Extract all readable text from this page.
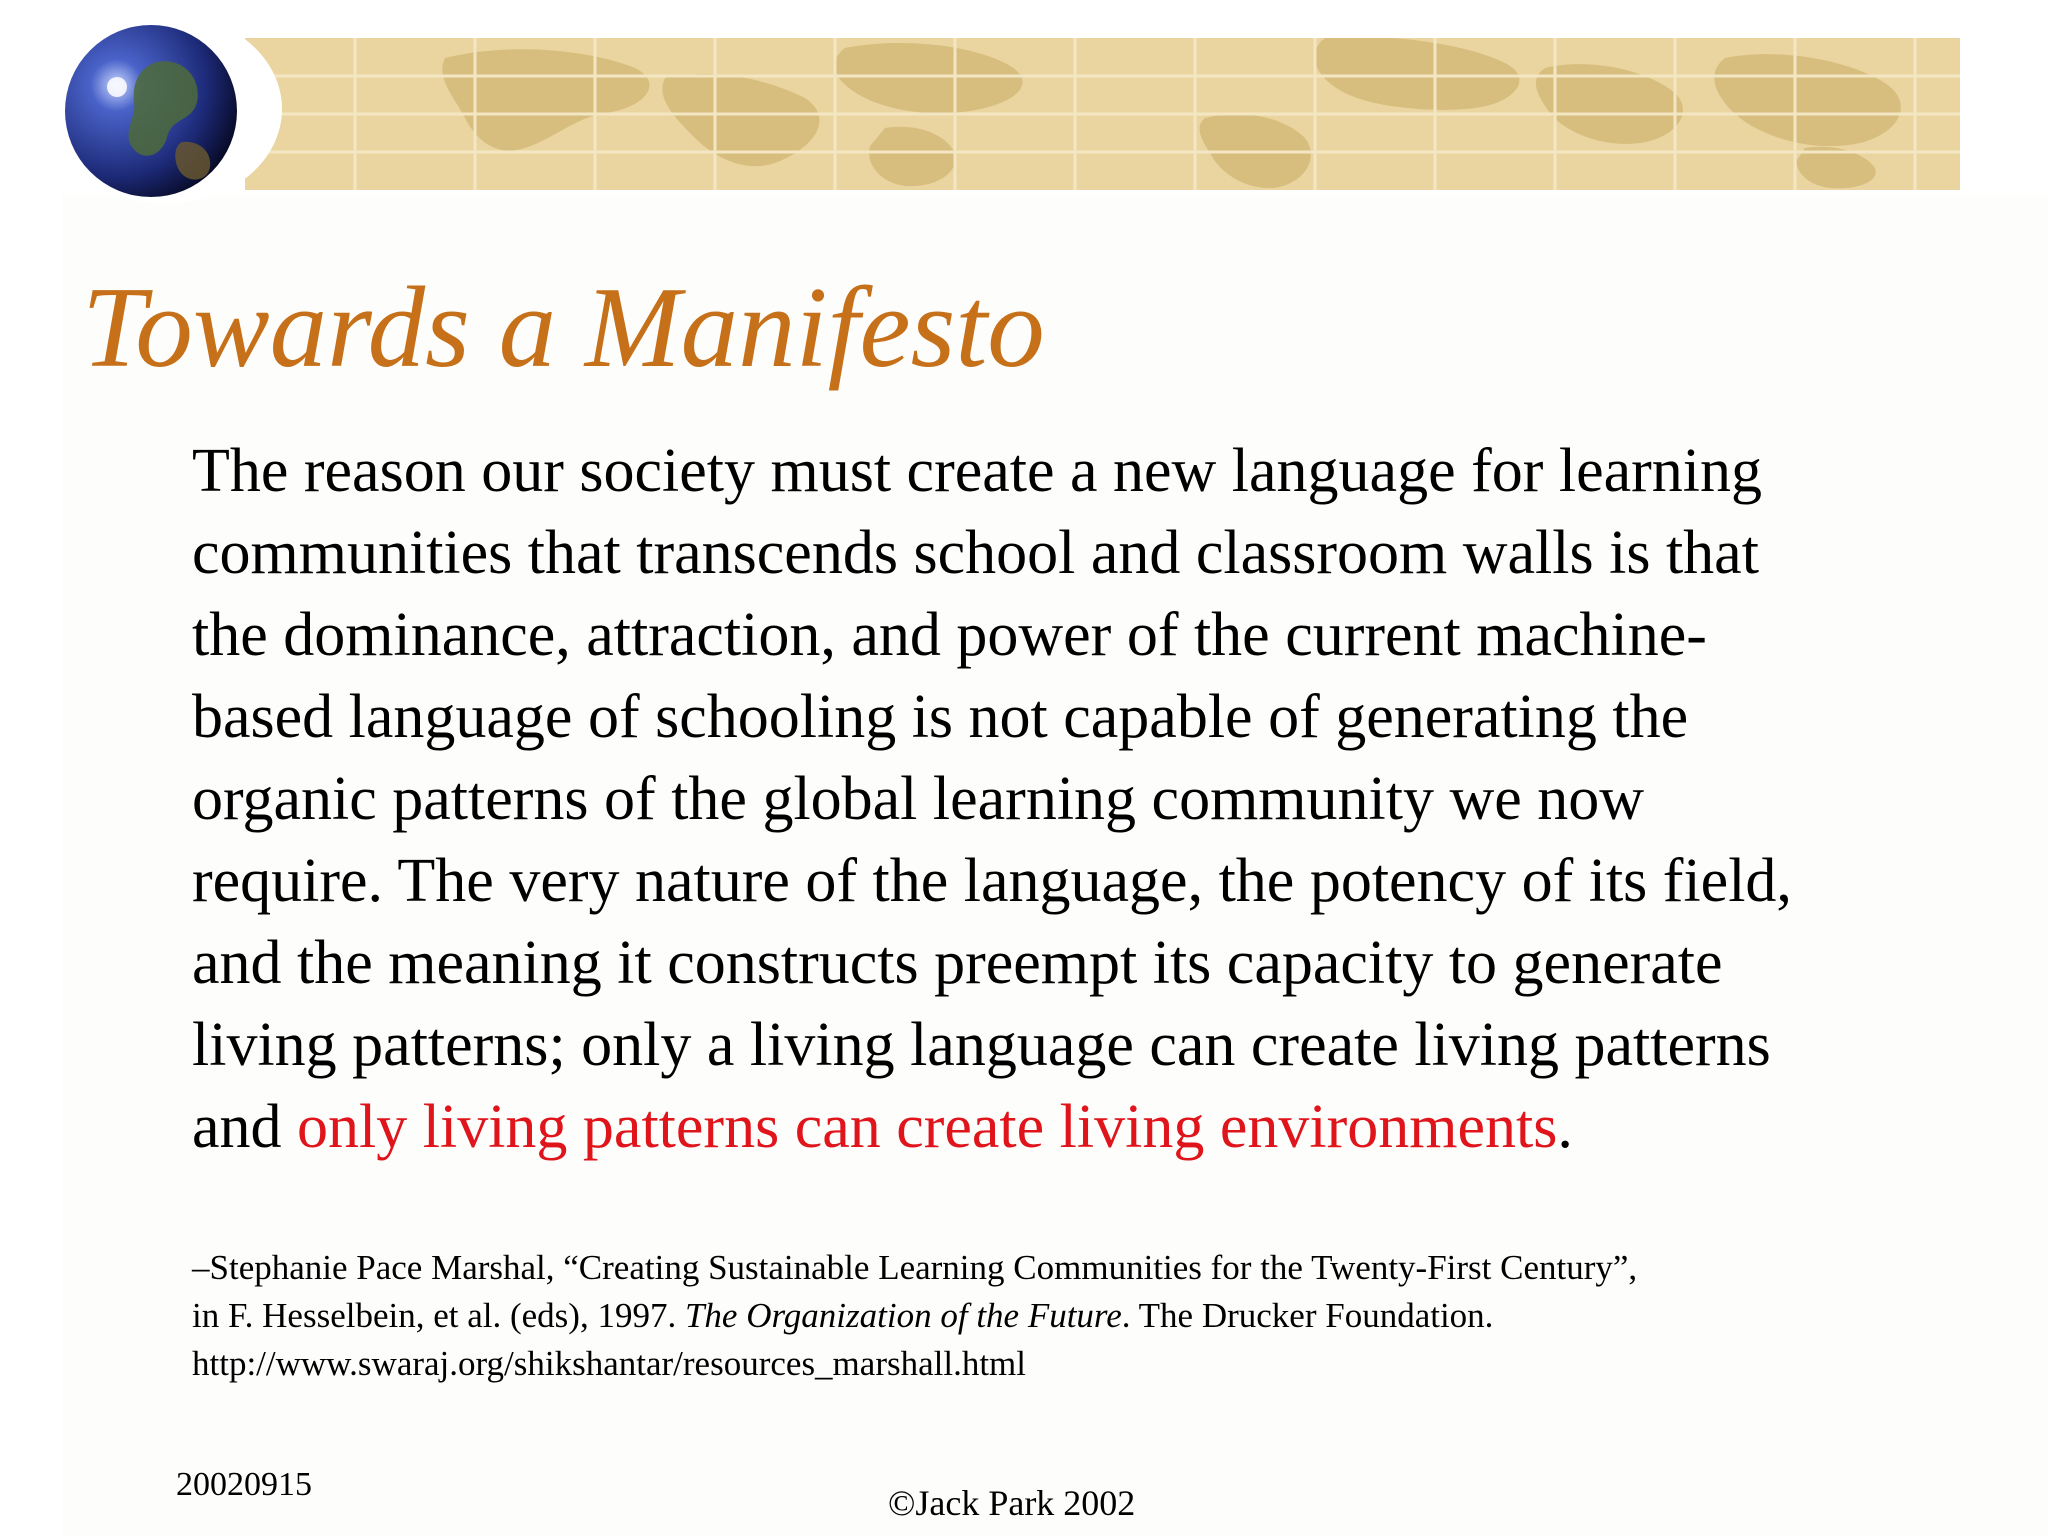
Towards a Manifesto

The reason our society must create a new language for learning communities that transcends school and classroom walls is that the dominance, attraction, and power of the current machine-based language of schooling is not capable of generating the organic patterns of the global learning community we now require. The very nature of the language, the potency of its field, and the meaning it constructs preempt its capacity to generate living patterns; only a living language can create living patterns and only living patterns can create living environments.

–Stephanie Pace Marshal, “Creating Sustainable Learning Communities for the Twenty-First Century”,

in F. Hesselbein, et al. (eds), 1997. The Organization of the Future. The Drucker Foundation.

http://www.swaraj.org/shikshantar/resources_marshall.html

20020915	©Jack Park 2002
